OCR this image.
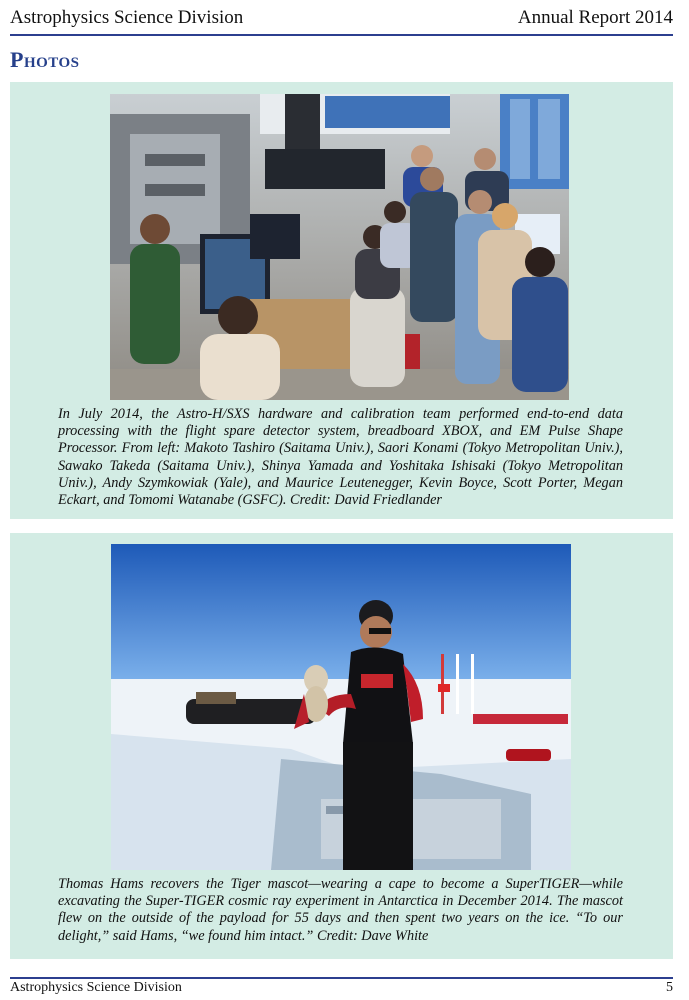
Astrophysics Science Division	Annual Report 2014
Photos
In July 2014, the Astro-H/SXS hardware and calibration team performed end-to-end data processing with the flight spare detector system, breadboard XBOX, and EM Pulse Shape Processor. From left: Makoto Tashiro (Saitama Univ.), Saori Konami (Tokyo Metropolitan Univ.), Sawako Takeda (Saitama Univ.), Shinya Yamada and Yoshitaka Ishisaki (Tokyo Metropolitan Univ.), Andy Szymkowiak (Yale), and Maurice Leutenegger, Kevin Boyce, Scott Porter, Megan Eckart, and Tomomi Watanabe (GSFC). Credit: David Friedlander
Thomas Hams recovers the Tiger mascot—wearing a cape to become a SuperTIGER—while excavating the Super-TIGER cosmic ray experiment in Antarctica in December 2014. The mascot flew on the outside of the payload for 55 days and then spent two years on the ice. “To our delight,” said Hams, “we found him intact.” Credit: Dave White
Astrophysics Science Division	5
